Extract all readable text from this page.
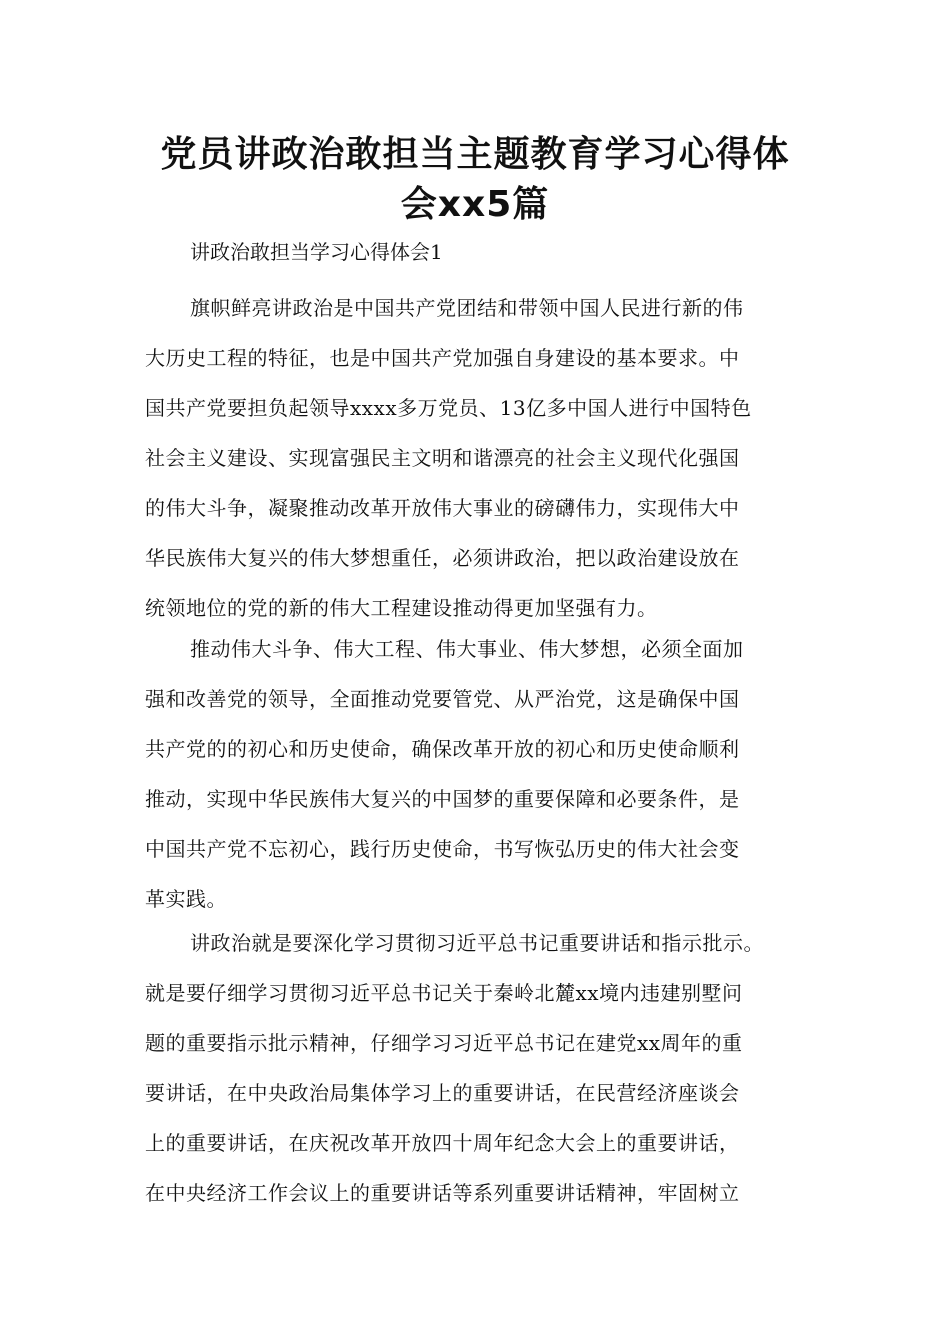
党员讲政治敢担当主题教育学习心得体
会xx5篇

讲政治敢担当学习心得体会1

旗帜鲜亮讲政治是中国共产党团结和带领中国人民进行新的伟
大历史工程的特征，也是中国共产党加强自身建设的基本要求。中
国共产党要担负起领导xxxx多万党员、13亿多中国人进行中国特色
社会主义建设、实现富强民主文明和谐漂亮的社会主义现代化强国
的伟大斗争，凝聚推动改革开放伟大事业的磅礴伟力，实现伟大中
华民族伟大复兴的伟大梦想重任，必须讲政治，把以政治建设放在
统领地位的党的新的伟大工程建设推动得更加坚强有力。
推动伟大斗争、伟大工程、伟大事业、伟大梦想，必须全面加
强和改善党的领导，全面推动党要管党、从严治党，这是确保中国
共产党的的初心和历史使命，确保改革开放的初心和历史使命顺利
推动，实现中华民族伟大复兴的中国梦的重要保障和必要条件，是
中国共产党不忘初心，践行历史使命，书写恢弘历史的伟大社会变
革实践。
讲政治就是要深化学习贯彻习近平总书记重要讲话和指示批示。
就是要仔细学习贯彻习近平总书记关于秦岭北麓xx境内违建别墅问
题的重要指示批示精神，仔细学习习近平总书记在建党xx周年的重
要讲话，在中央政治局集体学习上的重要讲话，在民营经济座谈会
上的重要讲话，在庆祝改革开放四十周年纪念大会上的重要讲话，
在中央经济工作会议上的重要讲话等系列重要讲话精神，牢固树立
